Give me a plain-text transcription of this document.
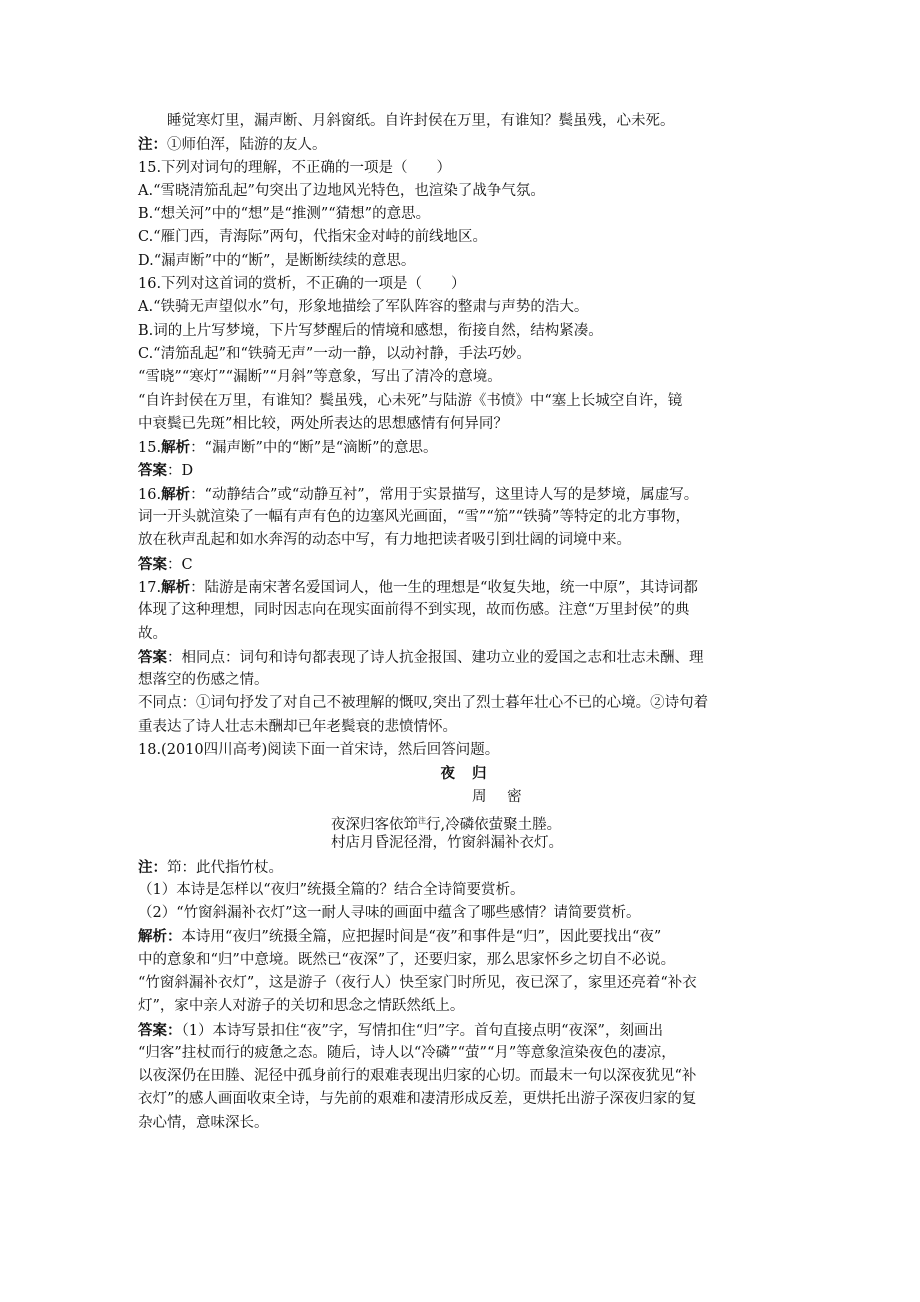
睡觉寒灯里，漏声断、月斜窗纸。自许封侯在万里，有谁知？鬓虽残，心未死。
注：①师伯浑，陆游的友人。
15.下列对词句的理解，不正确的一项是（　　）
A.“雪晓清笳乱起”句突出了边地风光特色，也渲染了战争气氛。
B.“想关河”中的“想”是“推测”“猜想”的意思。
C.“雁门西，青海际”两句，代指宋金对峙的前线地区。
D.“漏声断”中的“断”，是断断续续的意思。
16.下列对这首词的赏析，不正确的一项是（　　）
A.“铁骑无声望似水”句，形象地描绘了军队阵容的整肃与声势的浩大。
B.词的上片写梦境，下片写梦醒后的情境和感想，衔接自然，结构紧凑。
C.“清笳乱起”和“铁骑无声”一动一静，以动衬静，手法巧妙。
“雪晓”“寒灯”“漏断”“月斜”等意象，写出了清冷的意境。
“自许封侯在万里，有谁知？鬓虽残，心未死”与陆游《书愤》中“塞上长城空自许，镜
中衰鬓已先斑”相比较，两处所表达的思想感情有何异同？
15.解析：“漏声断”中的“断”是“滴断”的意思。
答案：D
16.解析：“动静结合”或“动静互衬”，常用于实景描写，这里诗人写的是梦境，属虚写。
词一开头就渲染了一幅有声有色的边塞风光画面，“雪”“笳”“铁骑”等特定的北方事物，
放在秋声乱起和如水奔泻的动态中写，有力地把读者吸引到壮阔的词境中来。
答案：C
17.解析：陆游是南宋著名爱国词人，他一生的理想是“收复失地，统一中原”，其诗词都
体现了这种理想，同时因志向在现实面前得不到实现，故而伤感。注意“万里封侯”的典
故。
答案：相同点：词句和诗句都表现了诗人抗金报国、建功立业的爱国之志和壮志未酬、理
想落空的伤感之情。
不同点：①词句抒发了对自己不被理解的慨叹,突出了烈士暮年壮心不已的心境。②诗句着
重表达了诗人壮志未酬却已年老鬓衰的悲愤情怀。
18.(2010四川高考)阅读下面一首宋诗，然后回答问题。
夜 归
周 密
夜深归客依笻$^注$行,冷磷依萤聚土塍。
村店月昏泥径滑，竹窗斜漏补衣灯。
注：笻：此代指竹杖。
（1）本诗是怎样以“夜归”统摄全篇的？结合全诗简要赏析。
（2）“竹窗斜漏补衣灯”这一耐人寻味的画面中蕴含了哪些感情？请简要赏析。
解析：本诗用“夜归”统摄全篇，应把握时间是“夜”和事件是“归”，因此要找出“夜”
中的意象和“归”中意境。既然已“夜深”了，还要归家，那么思家怀乡之切自不必说。
“竹窗斜漏补衣灯”，这是游子（夜行人）快至家门时所见，夜已深了，家里还亮着“补衣
灯”，家中亲人对游子的关切和思念之情跃然纸上。
答案：（1）本诗写景扣住“夜”字，写情扣住“归”字。首句直接点明“夜深”，刻画出
“归客”拄杖而行的疲惫之态。随后，诗人以“冷磷”“萤”“月”等意象渲染夜色的凄凉，
以夜深仍在田塍、泥径中孤身前行的艰难表现出归家的心切。而最末一句以深夜犹见“补
衣灯”的感人画面收束全诗，与先前的艰难和凄清形成反差，更烘托出游子深夜归家的复
杂心情，意味深长。
